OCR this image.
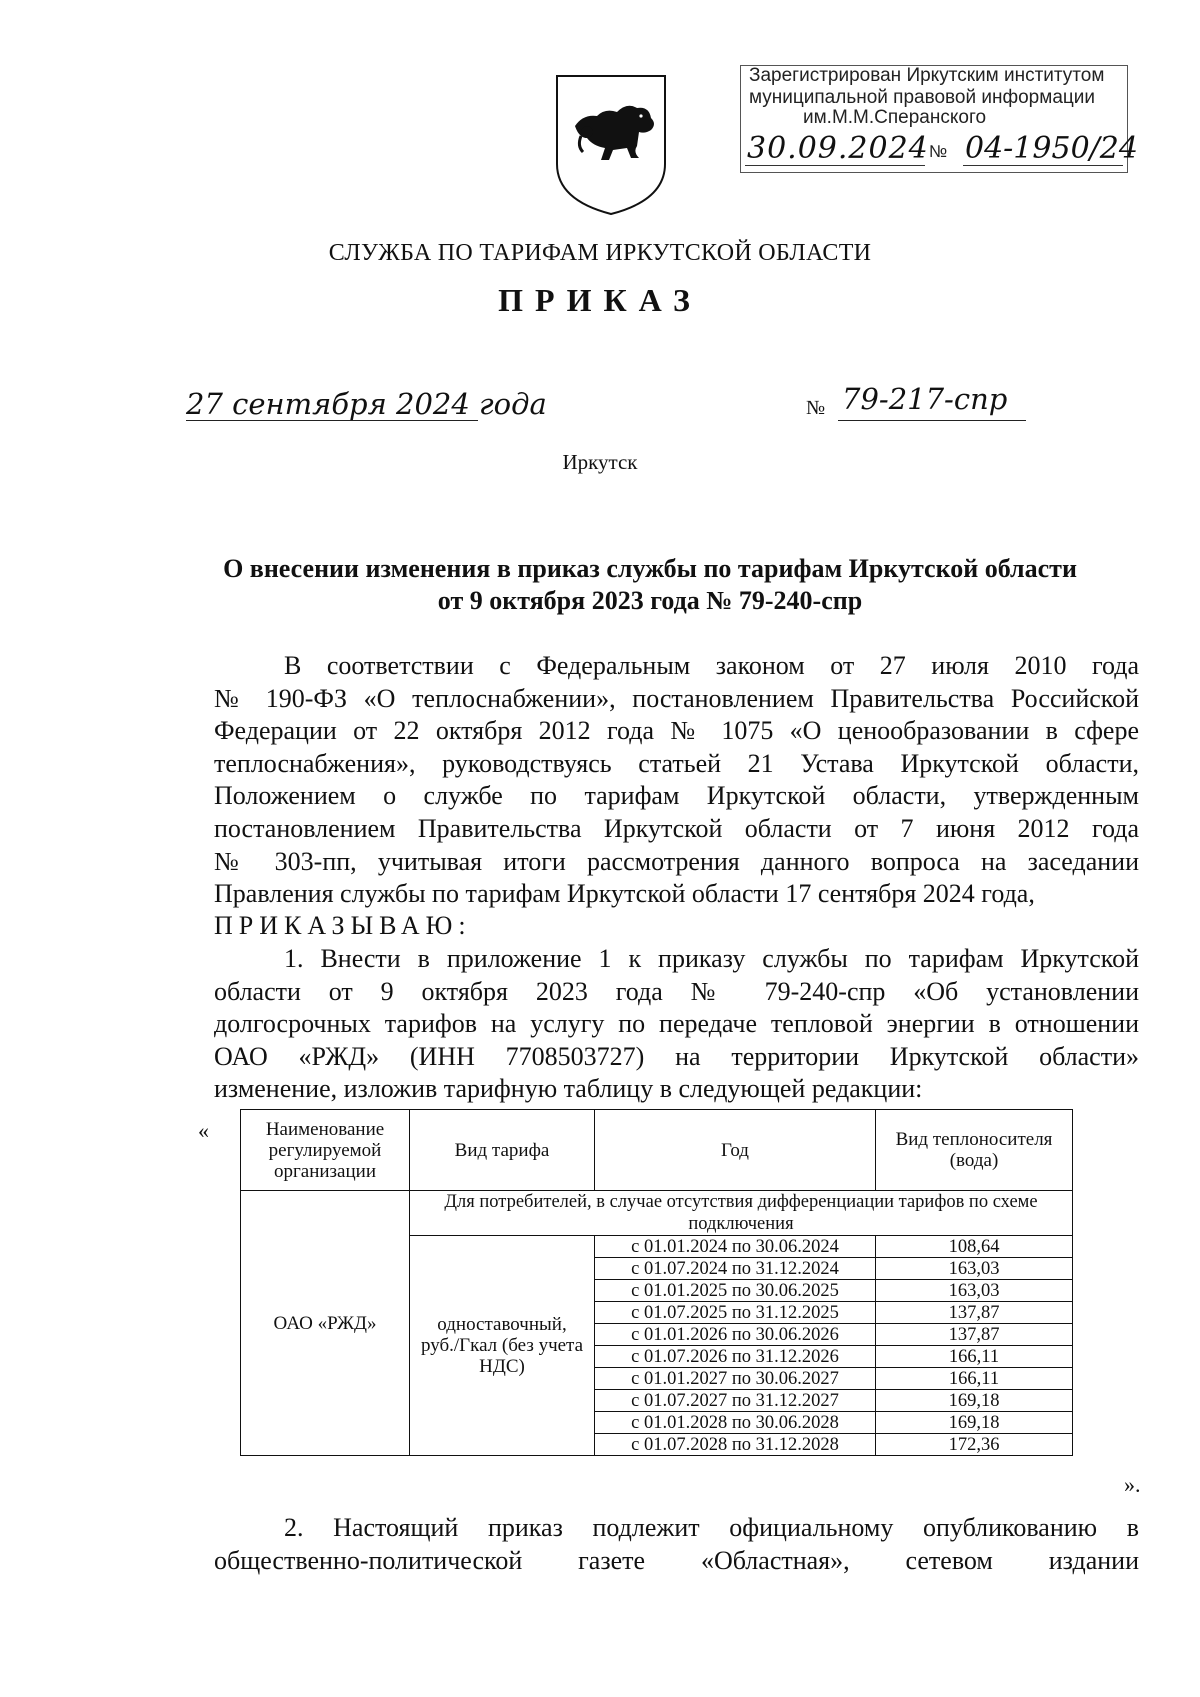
Зарегистрирован Иркутским институтом
муниципальной правовой информации
им.М.М.Сперанского
30.09.2024 № 04-1950/24
СЛУЖБА ПО ТАРИФАМ ИРКУТСКОЙ ОБЛАСТИ
ПРИКАЗ
27 сентября 2024 года	№ 79-217-спр
Иркутск
О внесении изменения в приказ службы по тарифам Иркутской области
от 9 октября 2023 года № 79-240-спр
В соответствии с Федеральным законом от 27 июля 2010 года
№ 190-ФЗ «О теплоснабжении», постановлением Правительства Российской
Федерации от 22 октября 2012 года № 1075 «О ценообразовании в сфере
теплоснабжения», руководствуясь статьей 21 Устава Иркутской области,
Положением о службе по тарифам Иркутской области, утвержденным
постановлением Правительства Иркутской области от 7 июня 2012 года
№ 303-пп, учитывая итоги рассмотрения данного вопроса на заседании
Правления службы по тарифам Иркутской области 17 сентября 2024 года,
ПРИКАЗЫВАЮ:
1. Внести в приложение 1 к приказу службы по тарифам Иркутской
области от 9 октября 2023 года № 79-240-спр «Об установлении
долгосрочных тарифов на услугу по передаче тепловой энергии в отношении
ОАО «РЖД» (ИНН 7708503727) на территории Иркутской области»
изменение, изложив тарифную таблицу в следующей редакции:
«	Наименование регулируемой организации	Вид тарифа	Год	Вид теплоносителя (вода)
ОАО «РЖД»	Для потребителей, в случае отсутствия дифференциации тарифов по схеме подключения		
	одноставочный, руб./Гкал (без учета НДС)	с 01.01.2024 по 30.06.2024	108,64
		с 01.07.2024 по 31.12.2024	163,03
		с 01.01.2025 по 30.06.2025	163,03
		с 01.07.2025 по 31.12.2025	137,87
		с 01.01.2026 по 30.06.2026	137,87
		с 01.07.2026 по 31.12.2026	166,11
		с 01.01.2027 по 30.06.2027	166,11
		с 01.07.2027 по 31.12.2027	169,18
		с 01.01.2028 по 30.06.2028	169,18
		с 01.07.2028 по 31.12.2028	172,36
».
2. Настоящий приказ подлежит официальному опубликованию в
общественно-политической газете «Областная», сетевом издании
